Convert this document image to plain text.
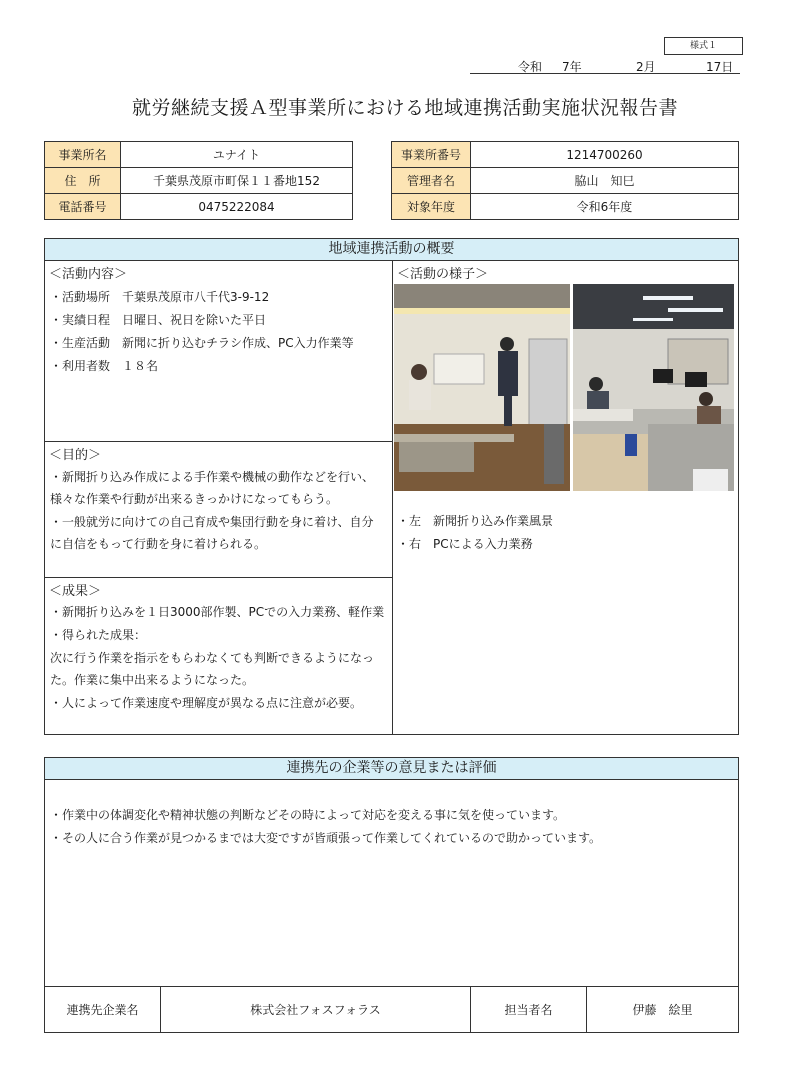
様式１
令和 7年	2月	17日
就労継続支援Ａ型事業所における地域連携活動実施状況報告書
事業所名	ユナイト
住　所	千葉県茂原市町保１１番地152
電話番号	0475222084
事業所番号	1214700260
管理者名	脇山　知巳
対象年度	令和6年度
地域連携活動の概要
＜活動内容＞
・活動場所　千葉県茂原市八千代3-9-12
・実績日程　日曜日、祝日を除いた平日
・生産活動　新聞に折り込むチラシ作成、PC入力作業等
・利用者数　１８名
＜目的＞
・新聞折り込み作成による手作業や機械の動作などを行い、
様々な作業や行動が出来るきっかけになってもらう。
・一般就労に向けての自己育成や集団行動を身に着け、自分
に自信をもって行動を身に着けられる。
＜成果＞
・新聞折り込みを１日3000部作製、PCでの入力業務、軽作業
・得られた成果：
次に行う作業を指示をもらわなくても判断できるようになっ
た。作業に集中出来るようになった。
・人によって作業速度や理解度が異なる点に注意が必要。
＜活動の様子＞
・左　新聞折り込み作業風景
・右　PCによる入力業務
連携先の企業等の意見または評価
・作業中の体調変化や精神状態の判断などその時によって対応を変える事に気を使っています。
・その人に合う作業が見つかるまでは大変ですが皆頑張って作業してくれているので助かっています。
連携先企業名	株式会社フォスフォラス	担当者名	伊藤　絵里
